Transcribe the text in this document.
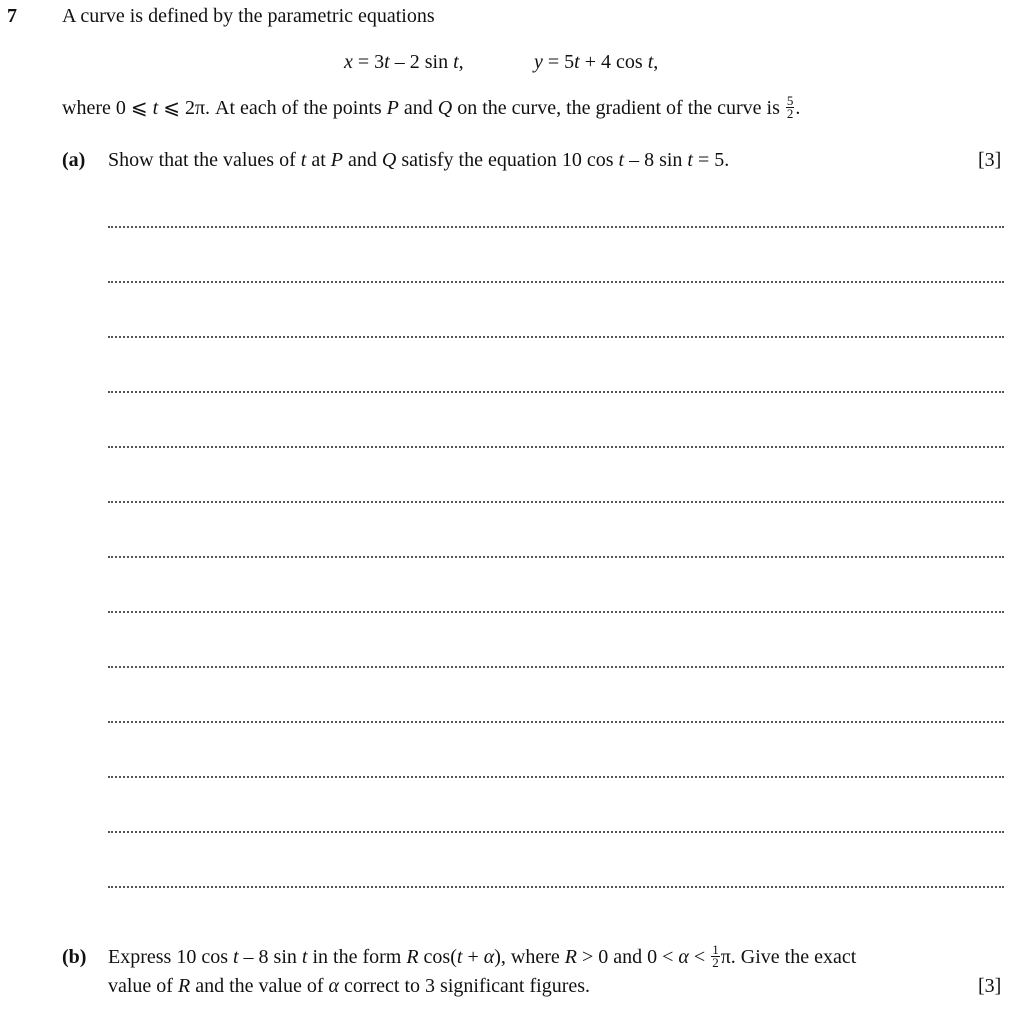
7 A curve is defined by the parametric equations
x = 3t – 2 sin t,	y = 5t + 4 cos t,
where 0 ⩽ t ⩽ 2π. At each of the points P and Q on the curve, the gradient of the curve is $\frac{5}{2}$ .
(a) Show that the values of t at P and Q satisfy the equation 10 cos t – 8 sin t = 5.	[3]
(b) Express 10 cos t – 8 sin t in the form R cos(t + α), where R > 0 and $0 < \alpha < \frac{1}{2} \pi$. Give the exact
value of R and the value of α correct to 3 significant figures.	[3]
